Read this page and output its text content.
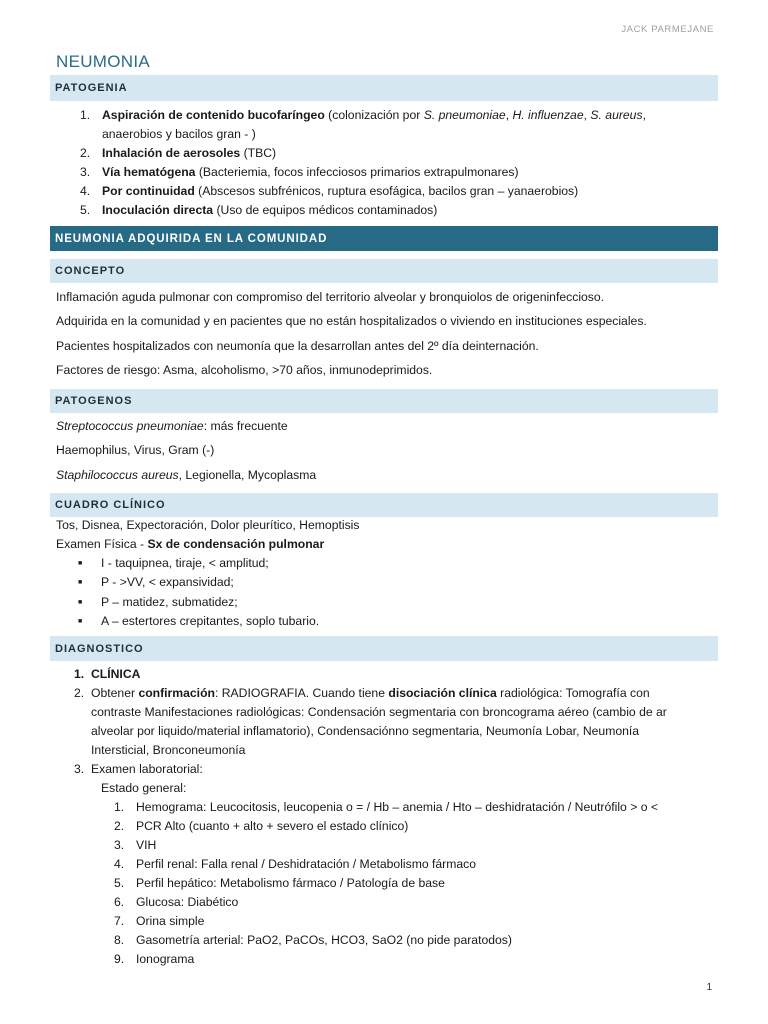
JACK PARMEJANE
NEUMONIA
PATOGENIA
1. Aspiración de contenido bucofaríngeo (colonización por S. pneumoniae, H. influenzae, S. aureus,
anaerobios y bacilos gran - )
2. Inhalación de aerosoles (TBC)
3. Vía hematógena (Bacteriemia, focos infecciosos primarios extrapulmonares)
4. Por continuidad (Abscesos subfrénicos, ruptura esofágica, bacilos gran – yanaerobios)
5. Inoculación directa (Uso de equipos médicos contaminados)
NEUMONIA ADQUIRIDA EN LA COMUNIDAD
CONCEPTO
Inflamación aguda pulmonar con compromiso del territorio alveolar y bronquiolos de origeninfeccioso.
Adquirida en la comunidad y en pacientes que no están hospitalizados o viviendo en instituciones especiales.
Pacientes hospitalizados con neumonía que la desarrollan antes del 2º día deinternación.
Factores de riesgo: Asma, alcoholismo, >70 años, inmunodeprimidos.
PATOGENOS
Streptococcus pneumoniae: más frecuente
Haemophilus, Virus, Gram (-)
Staphilococcus aureus, Legionella, Mycoplasma
CUADRO CLÍNICO
Tos, Disnea, Expectoración, Dolor pleurítico, Hemoptisis
Examen Física - Sx de condensación pulmonar
■	I - taquipnea, tiraje, < amplitud;
■	P - >VV, < expansividad;
■	P – matidez, submatidez;
■	A – estertores crepitantes, soplo tubario.
DIAGNOSTICO
1. CLÍNICA
2. Obtener confirmación: RADIOGRAFIA. Cuando tiene disociación clínica radiológica: Tomografía con
contraste Manifestaciones radiológicas: Condensación segmentaria con broncograma aéreo (cambio de ar
alveolar por liquido/material inflamatorio), Condensaciónno segmentaria, Neumonía Lobar, Neumonía
Intersticial, Bronconeumonía
3. Examen laboratorial:
Estado general:
1. Hemograma: Leucocitosis, leucopenia o = / Hb – anemia / Hto – deshidratación / Neutrófilo > o <
2. PCR Alto (cuanto + alto + severo el estado clínico)
3. VIH
4. Perfil renal: Falla renal / Deshidratación / Metabolismo fármaco
5. Perfil hepático: Metabolismo fármaco / Patología de base
6. Glucosa: Diabético
7. Orina simple
8. Gasometría arterial: PaO2, PaCOs, HCO3, SaO2 (no pide paratodos)
9. Ionograma
1
